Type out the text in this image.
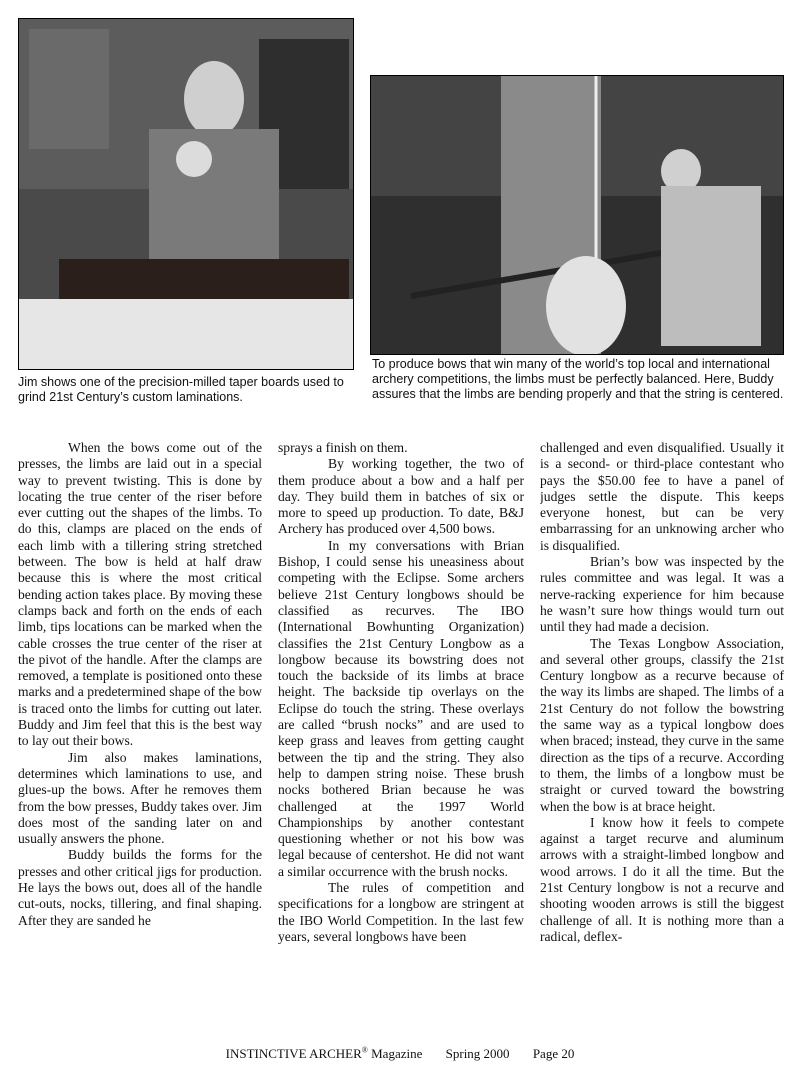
Jim shows one of the precision-milled taper boards used to grind 21st Century’s custom laminations.
To produce bows that win many of the world’s top local and international archery competitions, the limbs must be perfectly balanced. Here, Buddy assures that the limbs are bending properly and that the string is centered.

When the bows come out of the presses, the limbs are laid out in a special way to prevent twisting. This is done by locating the true center of the riser before ever cutting out the shapes of the limbs. To do this, clamps are placed on the ends of each limb with a tillering string stretched between. The bow is held at half draw because this is where the most critical bending action takes place. By moving these clamps back and forth on the ends of each limb, tips locations can be marked when the cable crosses the true center of the riser at the pivot of the handle. After the clamps are removed, a template is positioned onto these marks and a predetermined shape of the bow is traced onto the limbs for cutting out later. Buddy and Jim feel that this is the best way to lay out their bows.

Jim also makes laminations, determines which laminations to use, and glues-up the bows. After he removes them from the bow presses, Buddy takes over. Jim does most of the sanding later on and usually answers the phone.

Buddy builds the forms for the presses and other critical jigs for production. He lays the bows out, does all of the handle cut-outs, nocks, tillering, and final shaping. After they are sanded he

sprays a finish on them.

By working together, the two of them produce about a bow and a half per day. They build them in batches of six or more to speed up production. To date, B&J Archery has produced over 4,500 bows.

In my conversations with Brian Bishop, I could sense his uneasiness about competing with the Eclipse. Some archers believe 21st Century longbows should be classified as recurves. The IBO (International Bowhunting Organization) classifies the 21st Century Longbow as a longbow because its bowstring does not touch the backside of its limbs at brace height. The backside tip overlays on the Eclipse do touch the string. These overlays are called “brush nocks” and are used to keep grass and leaves from getting caught between the tip and the string. They also help to dampen string noise. These brush nocks bothered Brian because he was challenged at the 1997 World Championships by another contestant questioning whether or not his bow was legal because of centershot. He did not want a similar occurrence with the brush nocks.

The rules of competition and specifications for a longbow are stringent at the IBO World Competition. In the last few years, several longbows have been

challenged and even disqualified. Usually it is a second- or third-place contestant who pays the $50.00 fee to have a panel of judges settle the dispute. This keeps everyone honest, but can be very embarrassing for an unknowing archer who is disqualified.

Brian’s bow was inspected by the rules committee and was legal. It was a nerve-racking experience for him because he wasn’t sure how things would turn out until they had made a decision.

The Texas Longbow Association, and several other groups, classify the 21st Century longbow as a recurve because of the way its limbs are shaped. The limbs of a 21st Century do not follow the bowstring the same way as a typical longbow does when braced; instead, they curve in the same direction as the tips of a recurve. According to them, the limbs of a longbow must be straight or curved toward the bowstring when the bow is at brace height.

I know how it feels to compete against a target recurve and aluminum arrows with a straight-limbed longbow and wood arrows. I do it all the time. But the 21st Century longbow is not a recurve and shooting wooden arrows is still the biggest challenge of all. It is nothing more than a radical, deflex-

INSTINCTIVE ARCHER® Magazine Spring 2000 Page 20
